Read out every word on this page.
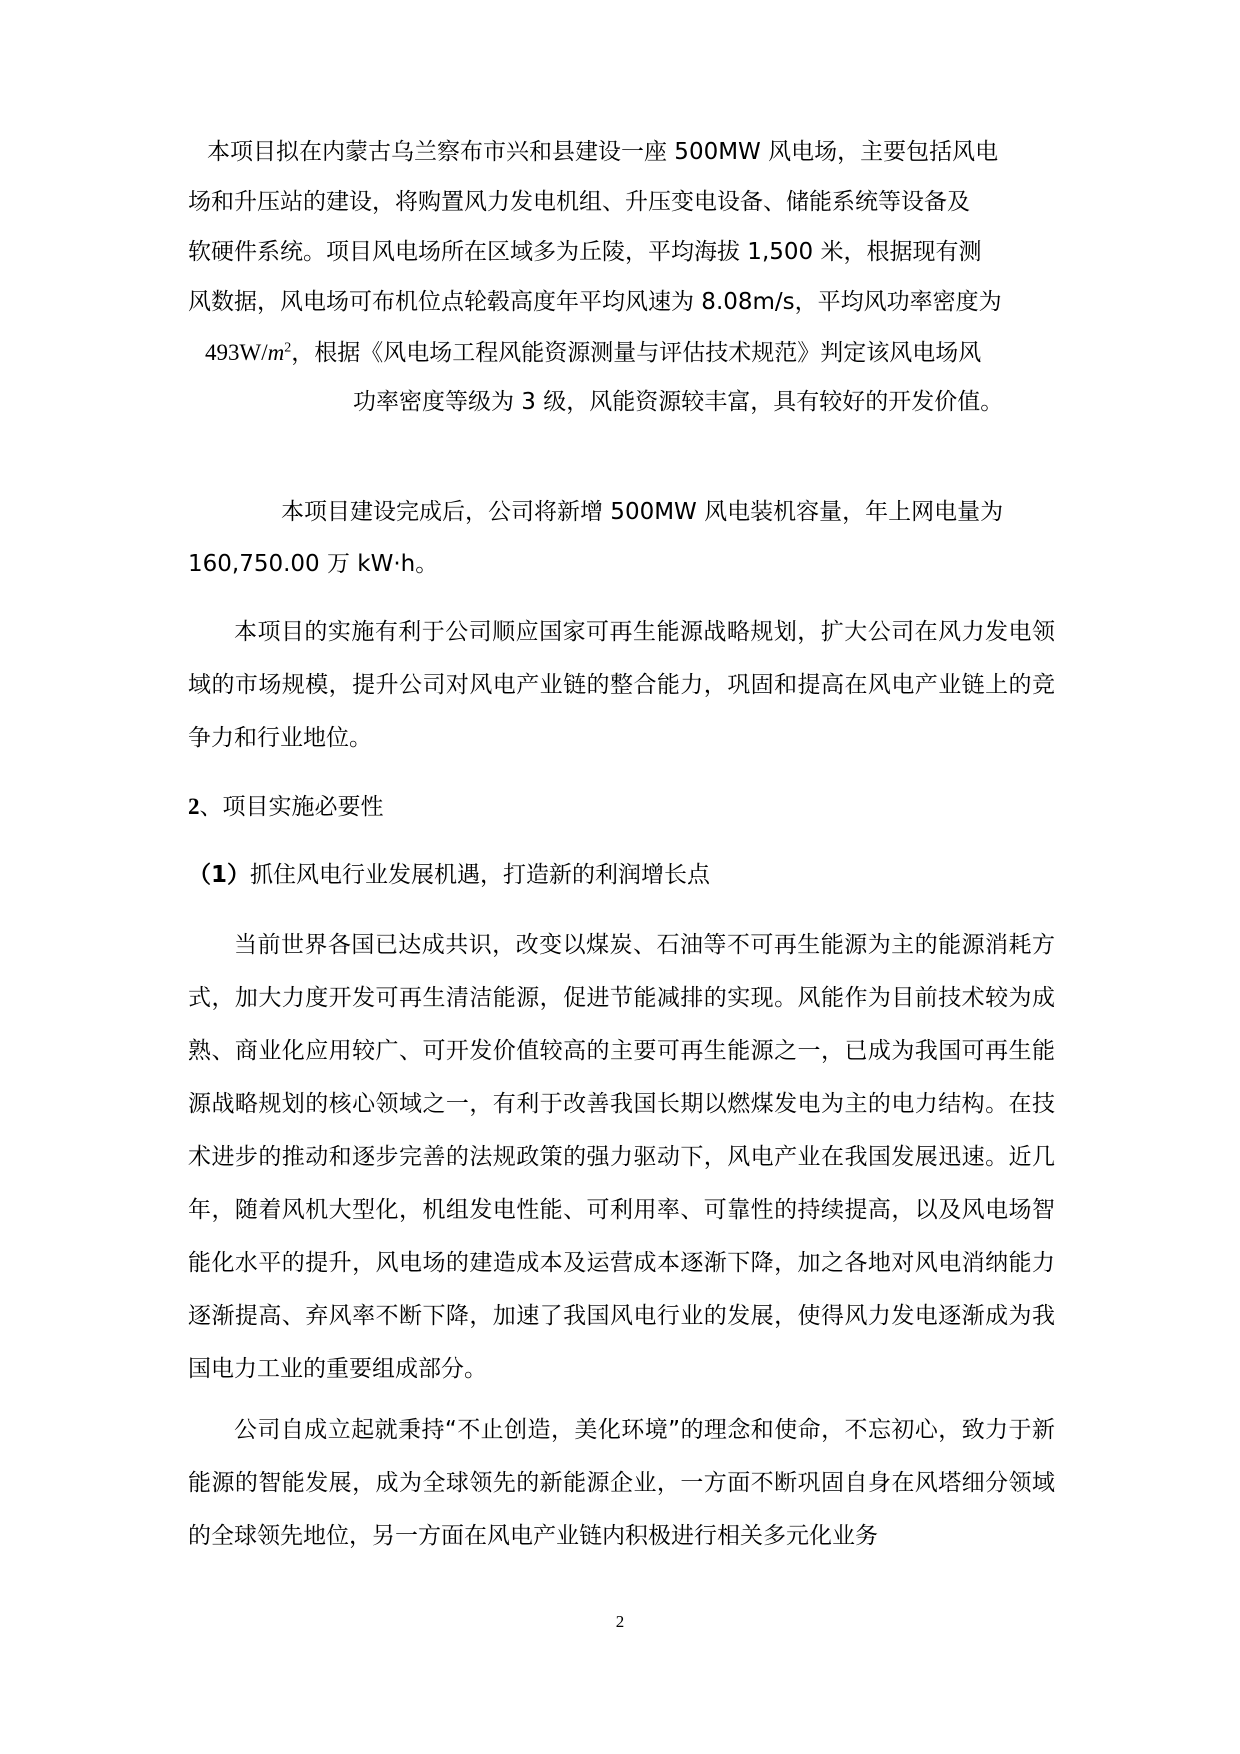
本项目拟在内蒙古乌兰察布市兴和县建设一座 500MW 风电场，主要包括风电
场和升压站的建设，将购置风力发电机组、升压变电设备、储能系统等设备及
软硬件系统。项目风电场所在区域多为丘陵，平均海拔 1,500 米，根据现有测
风数据，风电场可布机位点轮毂高度年平均风速为 8.08m/s，平均风功率密度为
$493W/m^2$，根据《风电场工程风能资源测量与评估技术规范》判定该风电场风
功率密度等级为 3 级，风能资源较丰富，具有较好的开发价值。
本项目建设完成后，公司将新增 500MW 风电装机容量，年上网电量为
160,750.00 万 kW·h。

本项目的实施有利于公司顺应国家可再生能源战略规划，扩大公司在风力发电领域的市场规模，提升公司对风电产业链的整合能力，巩固和提高在风电产业链上的竞争力和行业地位。

2、项目实施必要性
（1）抓住风电行业发展机遇，打造新的利润增长点

当前世界各国已达成共识，改变以煤炭、石油等不可再生能源为主的能源消耗方式，加大力度开发可再生清洁能源，促进节能减排的实现。风能作为目前技术较为成熟、商业化应用较广、可开发价值较高的主要可再生能源之一，已成为我国可再生能源战略规划的核心领域之一，有利于改善我国长期以燃煤发电为主的电力结构。在技术进步的推动和逐步完善的法规政策的强力驱动下，风电产业在我国发展迅速。近几年，随着风机大型化，机组发电性能、可利用率、可靠性的持续提高，以及风电场智能化水平的提升，风电场的建造成本及运营成本逐渐下降，加之各地对风电消纳能力逐渐提高、弃风率不断下降，加速了我国风电行业的发展，使得风力发电逐渐成为我国电力工业的重要组成部分。

公司自成立起就秉持“不止创造，美化环境”的理念和使命，不忘初心，致力于新能源的智能发展，成为全球领先的新能源企业，一方面不断巩固自身在风塔细分领域的全球领先地位，另一方面在风电产业链内积极进行相关多元化业务

2
